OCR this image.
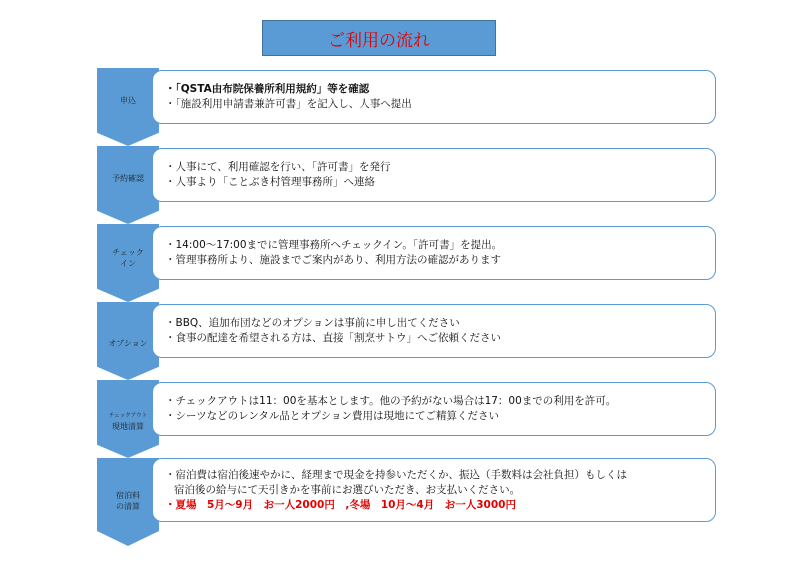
ご利用の流れ
申込
・「QSTA由布院保養所利用規約」等を確認
・「施設利用申請書兼許可書」を記入し、人事へ提出
予約確認
・人事にて、利用確認を行い、「許可書」を発行
・人事より「ことぶき村管理事務所」へ連絡
チェック
イン
・14:00～17:00までに管理事務所へチェックイン。「許可書」を提出。
・管理事務所より、施設までご案内があり、利用方法の確認があります
オプション
・BBQ、追加布団などのオプションは事前に申し出てください
・食事の配達を希望される方は、直接「割烹サトウ」へご依頼ください
チェックアウト
現地清算
・チェックアウトは11：00を基本とします。他の予約がない場合は17：00までの利用を許可。
・シーツなどのレンタル品とオプション費用は現地にてご精算ください
宿泊料
の清算
・宿泊費は宿泊後速やかに、経理まで現金を持参いただくか、振込（手数料は会社負担）もしくは
宿泊後の給与にて天引きかを事前にお選びいただき、お支払いください。
・夏場　5月～9月　お一人2000円　,冬場　10月～4月　お一人3000円
